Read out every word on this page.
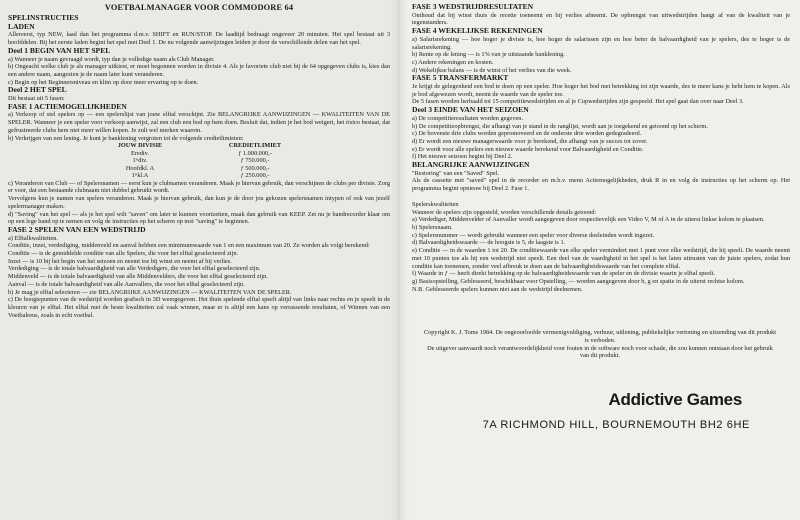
VOETBALMANAGER VOOR COMMODORE 64
SPELINSTRUCTIES
LADEN
Allereerst, typ NEW, laad dan het programma d.m.v. SHIFT en RUN/STOP. De laadtijd bedraagt ongeveer 20 minuten. Het spel bestaat uit 3 hoofddelen. Bij het eerste laden begint het spel met Deel 1. De nu volgende aanwijzingen leiden je door de verschillende delen van het spel.
Deel 1 BEGIN VAN HET SPEL
a) Wanneer je naam gevraagd wordt, typ dan je volledige naam als Club Manager.
b) Ongeacht welke club je als manager uitkiest, er moet begonnen worden in divisie 4. Als je favoriete club niet bij de 64 opgegeven clubs is, kies dan een andere naam, aangezien je de naam later kunt veranderen.
c) Begin op het Beginnersniveau en klim op door meer ervaring op te doen.
Deel 2 HET SPEL
Dit bestaat uit 5 fasen:
FASE 1 ACTIEMOGELIJKHEDEN
a) Verkoop of stel spelers op — een spelerslijst van jouw elftal verschijnt. Zie BELANGRIJKE AANWIJZINGEN — KWALITEITEN VAN DE SPELER. Wanneer je een speler voor verkoop aanwijst, zal een club een bod op hem doen. Besluit dat, indien je het bod weigert, het risico bestaat, dat gefrustreerde clubs hem niet meer willen kopen. Je zult wel merken waarom.
b) Verkrijgen van een lening. Je kunt je banklening vergroten tot de volgende credietlimieten:
JOUW DIVISIE	CREDIETLIMIET
Erediv.	ƒ 1.000.000,-
1ˢᵗdiv.	ƒ 750.000,-
Hoofdkl. A	ƒ 500.000,-
1ˢᵗkl.A	ƒ 250.000,-
c) Veranderen van Club — of Spelersnamen — eerst kun je clubnamen veranderen. Maak je hiervan gebruik, dan verschijnen de clubs per divisie. Zorg er voor, dat een bestaande clubnaam niet dubbel gebruikt wordt.
Vervolgens kun je namen van spelers veranderen. Maak je hiervan gebruik, dan kun je de door jou gekozen spelersnamen intypen of ook van jezelf spelermanager maken.
d) "Saving" van het spel — als je het spel wilt "saven" om later te kunnen voortzetten, maak dan gebruik van KEEP. Zet nu je bandrecorder klaar om op een lege band op te nemen en volg de instructies op het scherm op met "saving" te beginnen.
FASE 2 SPELEN VAN EEN WEDSTRIJD
a) Elftalkwaliteiten.
Conditie, inzet, verdediging, middenveld en aanval hebben een minimumwaarde van 1 en een maximum van 20. Ze worden als volgt berekend:
Conditie — is de gemiddelde conditie van alle Spelers, die voor het elftal geselecteerd zijn.
Inzet — is 10 bij het begin van het seizoen en neemt toe bij winst en neemt af bij verlies.
Verdediging — is de totale balvaardigheid van alle Verdedigers, die voor het elftal geselecteerd zijn.
Middenveld — is de totale balvaardigheid van alle Middenvelders, die voor het elftal geselecteerd zijn.
Aanval — is de totale balvaardigheid van alle Aanvallers, die voor het elftal geselecteerd zijn.
b) Je mag je elftal selecteren — zie BELANGRIJKE AANWIJZINGEN — KWALITEITEN VAN DE SPELER.
c) De hoogtepunten van de wedstrijd worden grafisch in 3D weergegeven. Het thuis spelende elftal speelt altijd van links naar rechts en je speelt in de kleuren van je elftal. Het elftal met de beste kwaliteiten zal vaak winnen, maar er is altijd een kans op verrassende resultaten, of Winnen van een Voetbalreus, zoals in echt voetbal.
FASE 3 WEDSTRIJDRESULTATEN
Onthoud dat bij winst thuis de recette toeneemt en bij verlies afneemt. De opbrengst van uitwedstrijden hangt af van de kwaliteit van je tegenstanders.
FASE 4 WEKELIJKSE REKENINGEN
a) Salarisrekening — hoe hoger je divisie is, hoe hoger de salarissen zijn en hoe beter de balvaardigheid van je spelers, des te hoger is de salarisrekening.
b) Rente op de lening — is 1% van je uitstaande banklening.
c) Andere rekeningen en kosten.
d) Wekelijkse balans — is de winst of het verlies van die week.
FASE 5 TRANSFERMARKT
Je krijgt de gelegenheid een bod te doen op een speler. Hoe hoger het bod met betrekking tot zijn waarde, des te meer kans je hebt hem te kopen. Als je bod afgewezen wordt, neemt de waarde van de speler toe.
De 5 fasen worden herhaald tot 15 competitiewedstrijden en al je Cupwedstrijden zijn gespeeld. Het spel gaat dan over naar Deel 3.
Deel 3 EINDE VAN HET SEIZOEN
a) De competitieresultaten worden gegeven.
b) De competitieopbrengst, die afhangt van je stand in de ranglijst, wordt aan je toegekend en getoond op het scherm.
c) De bovenste drie clubs worden gepromoveerd en de onderste drie worden gedegradeerd.
d) Er wordt een nieuwe managerwaarde voor je berekend, die afhangt van je succes tot zover.
e) Er wordt voor alle spelers een nieuwe waarde berekend voor Balvaardigheid en Conditie.
f) Het nieuwe seizoen begint bij Deel 2.
BELANGRIJKE AANWIJZINGEN
"Restoring" van een "Saved" Spel.
Als de cassette met "saved" spel in de recorder en m.b.v. menu Actiemogelijkheden, druk R in en volg de instructies op het scherm op. Het programma begint opnieuw bij Deel 2. Fase 1.
Spelerskwaliteiten
Wanneer de spelers zijn opgesteld, worden verschillende details getoond:
a) Verdediger, Middenvelder of Aanvaller wordt aangegeven door respectievelijk een Video V, M of A in de uiterst linkse kolom te plaatsen.
b) Spelersnaam.
c) Spelersnummer — wordt gebruikt wanneer een speler voor diverse doeleinden wordt ingezet.
d) Balvaardigheidswaarde — de hoogste is 5, de laagste is 1.
e) Conditie — in de waarden 1 tot 20. De conditiewaarde van elke speler vermindert met 1 punt voor elke wedstrijd, die hij speelt. De waarde neemt met 10 punten toe als hij een wedstrijd niet speelt. Een deel van de vaardigheid in het spel is het laten uitrusten van de juiste spelers, zodat hun conditie kan toenemen, zonder veel afbreuk te doen aan de balvaardigheidswaarde van het complete elftal.
f) Waarde in ƒ — heeft direkt betrekking op de balvaardigheidswaarde van de speler en de divisie waarin je elftal speelt.
g) Basisopstelling, Geblesseerd, beschikbaar voor Opstelling, — worden aangegeven door b, g en spatie in de uiterst rechtse kolom.
N.B. Geblesseerde spelers kunnen niet aan de wedstrijd deelnemen.
Copyright K. J. Toms 1984. De ongeoorloofde vermenigvuldiging, verhuur, uitlening, publiekelijke vertoning en uitzending van dit produkt is verboden.
De uitgever aanvaardt noch verantwoordelijkheid voor fouten in de software noch voor schade, die zou kunnen ontstaan door het gebruik van dit produkt.
Addictive Games
7A RICHMOND HILL, BOURNEMOUTH BH2 6HE
